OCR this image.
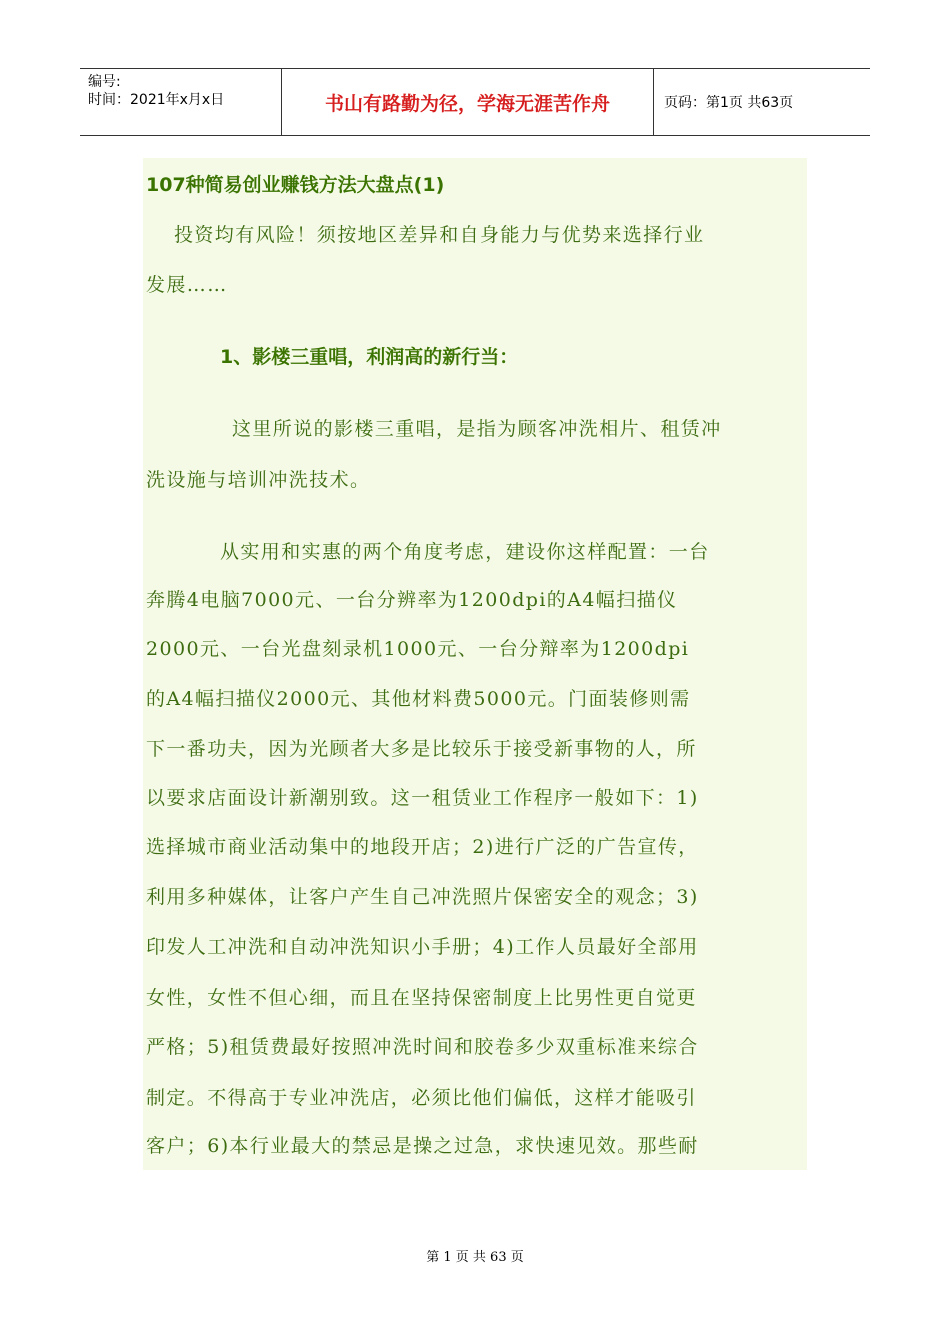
编号:
时间：2021年x月x日	书山有路勤为径，学海无涯苦作舟	页码：第1页 共63页
107种简易创业赚钱方法大盘点(1)
投资均有风险！须按地区差异和自身能力与优势来选择行业
发展……
1、影楼三重唱，利润高的新行当：
这里所说的影楼三重唱，是指为顾客冲洗相片、租赁冲
洗设施与培训冲洗技术。
从实用和实惠的两个角度考虑，建设你这样配置：一台
奔腾4电脑7000元、一台分辨率为1200dpi的A4幅扫描仪
2000元、一台光盘刻录机1000元、一台分辩率为1200dpi
的A4幅扫描仪2000元、其他材料费5000元。门面装修则需
下一番功夫，因为光顾者大多是比较乐于接受新事物的人，所
以要求店面设计新潮别致。这一租赁业工作程序一般如下：1)
选择城市商业活动集中的地段开店；2)进行广泛的广告宣传，
利用多种媒体，让客户产生自己冲洗照片保密安全的观念；3)
印发人工冲洗和自动冲洗知识小手册；4)工作人员最好全部用
女性，女性不但心细，而且在坚持保密制度上比男性更自觉更
严格；5)租赁费最好按照冲洗时间和胶卷多少双重标准来综合
制定。不得高于专业冲洗店，必须比他们偏低，这样才能吸引
客户；6)本行业最大的禁忌是操之过急，求快速见效。那些耐
第 1 页 共 63 页
